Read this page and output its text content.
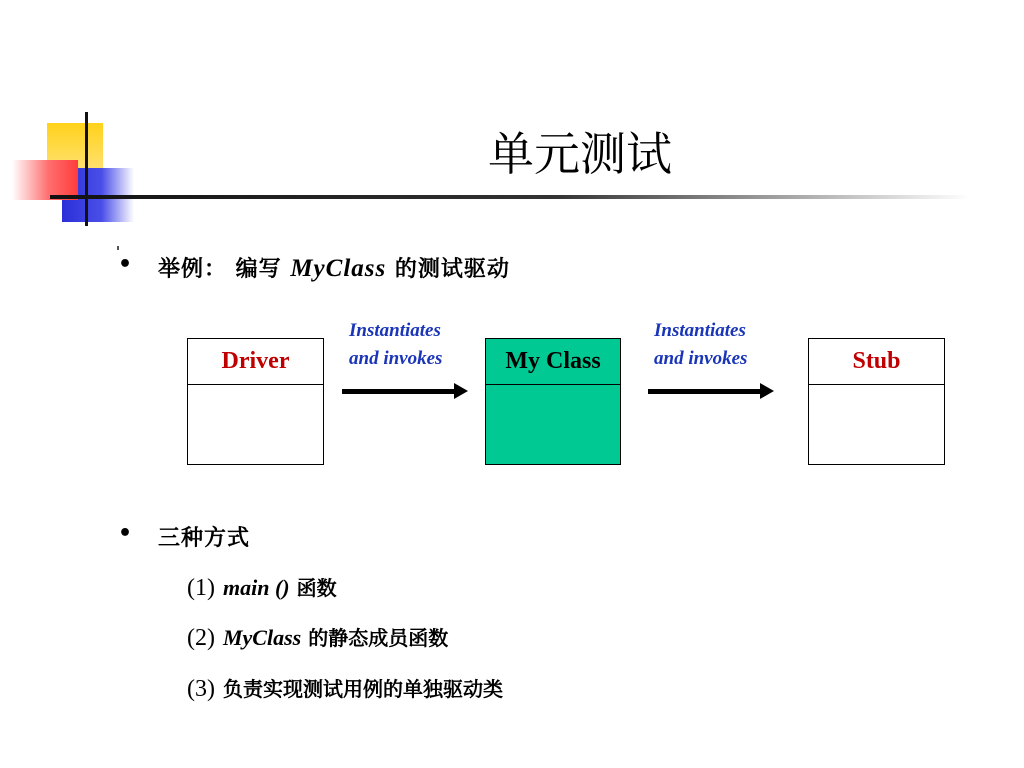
单元测试
• 举例： 编写 MyClass 的测试驱动
Driver
Instantiates
and invokes	My Class
Instantiates
and invokes	Stub
• 三种方式
(1) main () 函数
(2) MyClass 的静态成员函数
(3) 负责实现测试用例的单独驱动类
